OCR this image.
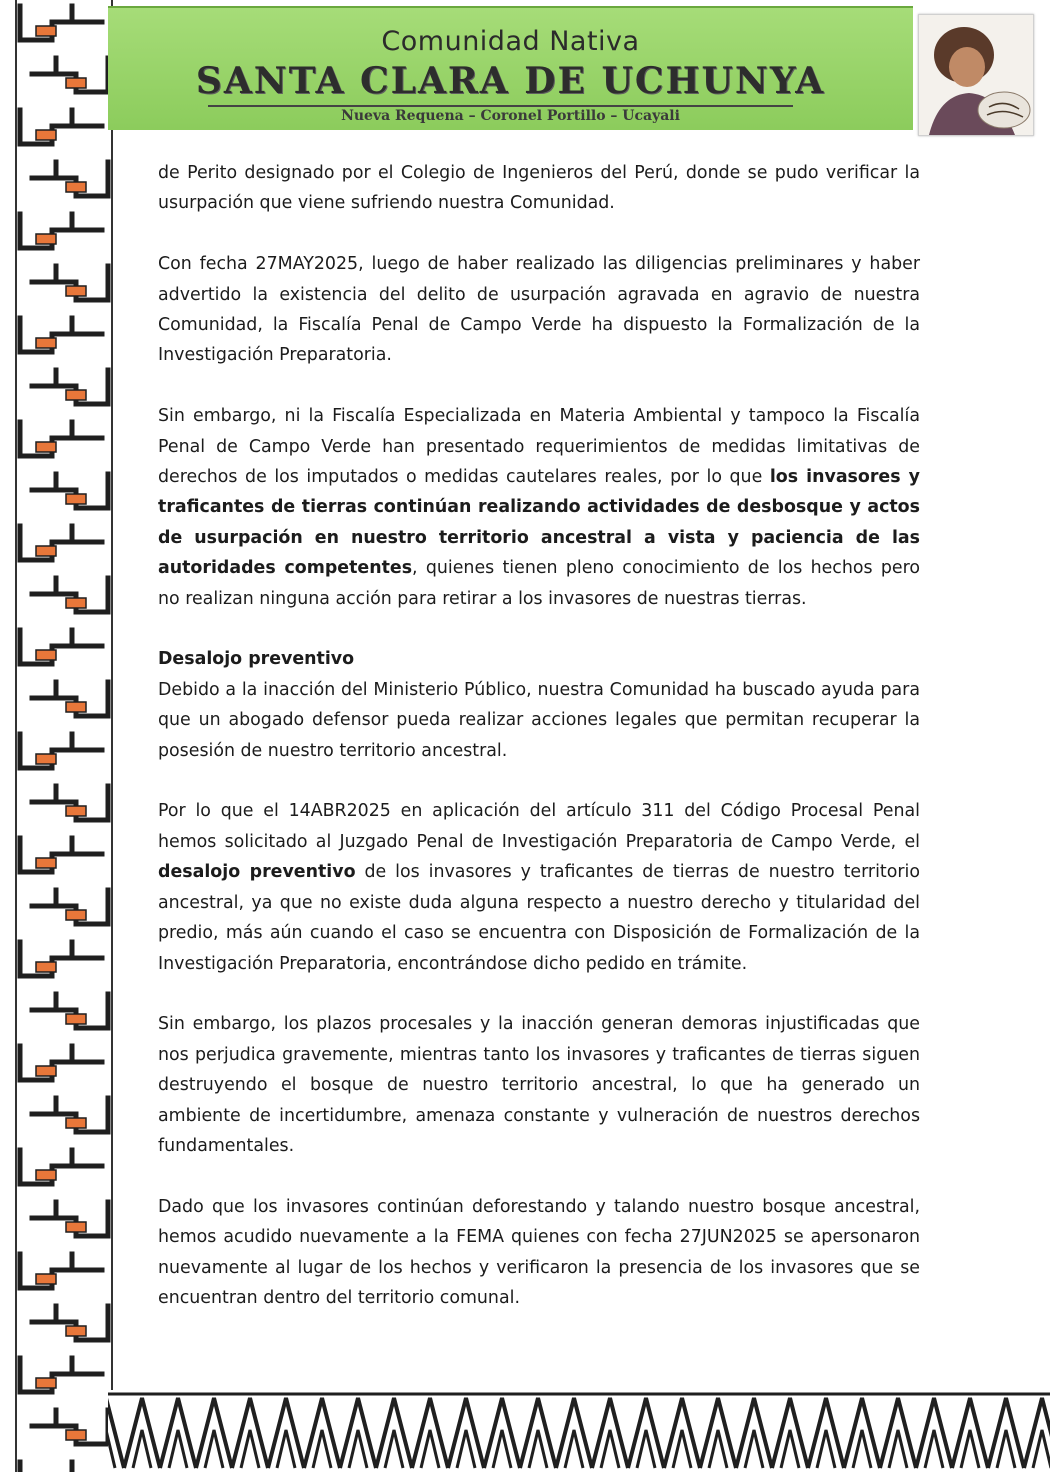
Comunidad Nativa
SANTA CLARA DE UCHUNYA
Nueva Requena – Coronel Portillo – Ucayali

de Perito designado por el Colegio de Ingenieros del Perú, donde se pudo verificar la usurpación que viene sufriendo nuestra Comunidad.

Con fecha 27MAY2025, luego de haber realizado las diligencias preliminares y haber advertido la existencia del delito de usurpación agravada en agravio de nuestra Comunidad, la Fiscalía Penal de Campo Verde ha dispuesto la Formalización de la Investigación Preparatoria.

Sin embargo, ni la Fiscalía Especializada en Materia Ambiental y tampoco la Fiscalía Penal de Campo Verde han presentado requerimientos de medidas limitativas de derechos de los imputados o medidas cautelares reales, por lo que los invasores y traficantes de tierras continúan realizando actividades de desbosque y actos de usurpación en nuestro territorio ancestral a vista y paciencia de las autoridades competentes, quienes tienen pleno conocimiento de los hechos pero no realizan ninguna acción para retirar a los invasores de nuestras tierras.

Desalojo preventivo

Debido a la inacción del Ministerio Público, nuestra Comunidad ha buscado ayuda para que un abogado defensor pueda realizar acciones legales que permitan recuperar la posesión de nuestro territorio ancestral.

Por lo que el 14ABR2025 en aplicación del artículo 311 del Código Procesal Penal hemos solicitado al Juzgado Penal de Investigación Preparatoria de Campo Verde, el desalojo preventivo de los invasores y traficantes de tierras de nuestro territorio ancestral, ya que no existe duda alguna respecto a nuestro derecho y titularidad del predio, más aún cuando el caso se encuentra con Disposición de Formalización de la Investigación Preparatoria, encontrándose dicho pedido en trámite.

Sin embargo, los plazos procesales y la inacción generan demoras injustificadas que nos perjudica gravemente, mientras tanto los invasores y traficantes de tierras siguen destruyendo el bosque de nuestro territorio ancestral, lo que ha generado un ambiente de incertidumbre, amenaza constante y vulneración de nuestros derechos fundamentales.

Dado que los invasores continúan deforestando y talando nuestro bosque ancestral, hemos acudido nuevamente a la FEMA quienes con fecha 27JUN2025 se apersonaron nuevamente al lugar de los hechos y verificaron la presencia de los invasores que se encuentran dentro del territorio comunal.
